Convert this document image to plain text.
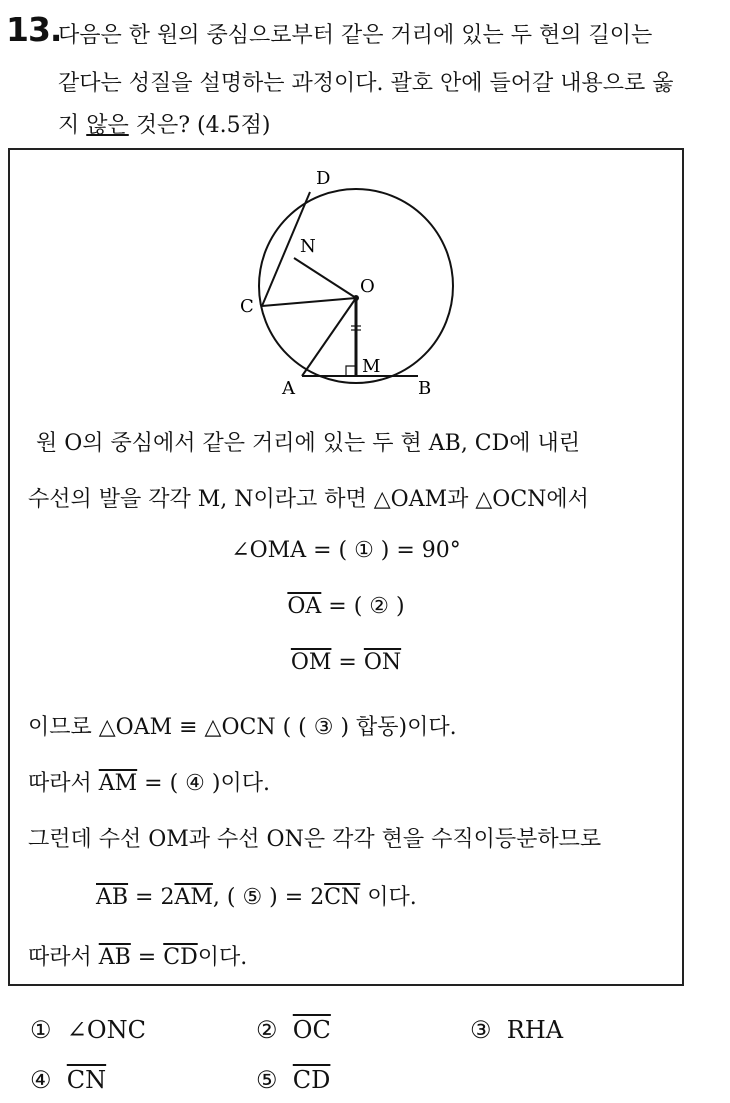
13.
다음은 한 원의 중심으로부터 같은 거리에 있는 두 현의 길이는
같다는 성질을 설명하는 과정이다. 괄호 안에 들어갈 내용으로 옳
지 않은 것은? (4.5점)
D
N
O
C
M
A	B
원 O의 중심에서 같은 거리에 있는 두 현 AB, CD에 내린
수선의 발을 각각 M, N이라고 하면 △OAM과 △OCN에서
∠OMA = ( ① ) = 90°
$\overline{OA}$ = ( ② )
$\overline{OM} = \overline{ON}$
이므로 △OAM ≡ △OCN ( ( ③ ) 합동)이다.
따라서 $\overline{AM}$ = ( ④ )이다.
그런데 수선 OM과 수선 ON은 각각 현을 수직이등분하므로
$\overline{AB} = 2\overline{AM}$, ( ⑤ ) = $2\overline{CN}$ 이다.
따라서 $\overline{AB} = \overline{CD}$이다.
① ∠ONC	② $\overline{OC}$	③ RHA
④ $\overline{CN}$	⑤ $\overline{CD}$
